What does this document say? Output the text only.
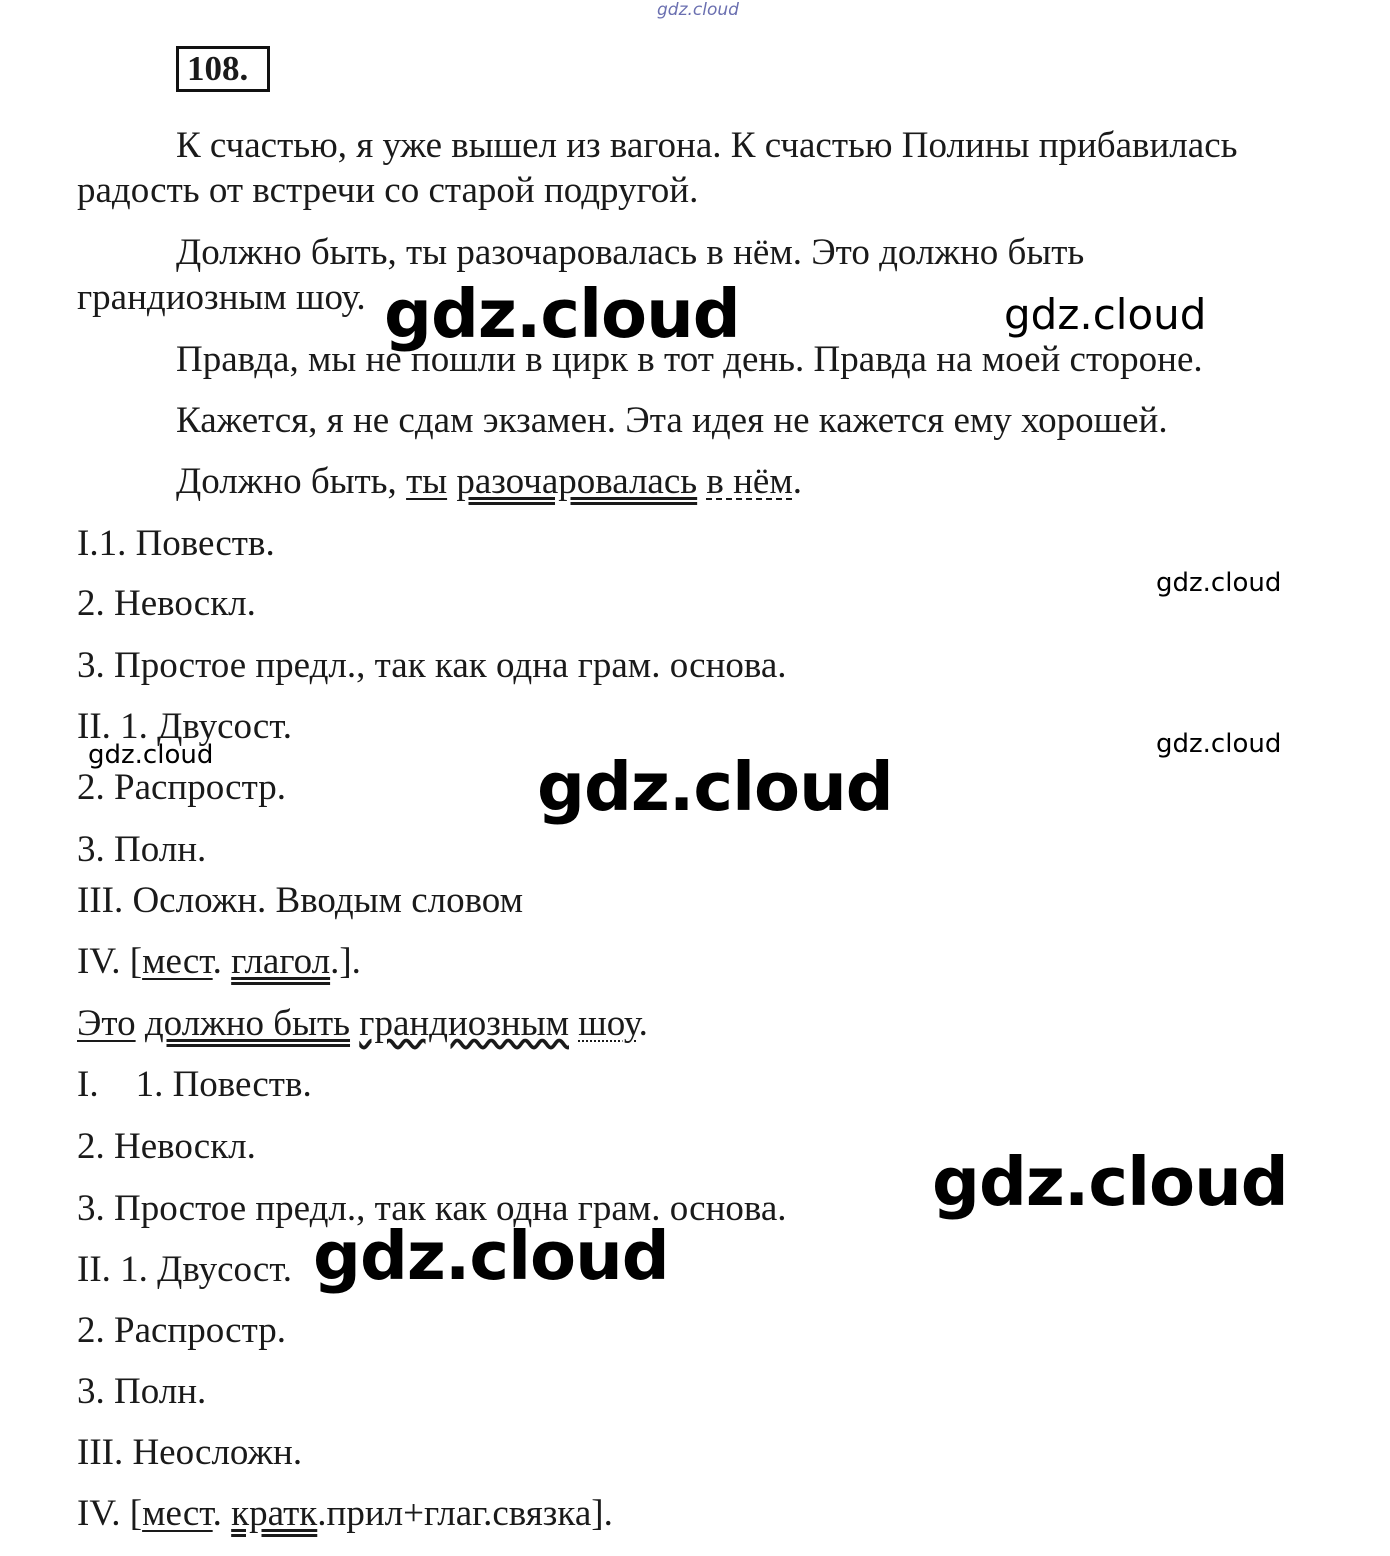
gdz.cloud
108.
К счастью, я уже вышел из вагона. К счастью Полины прибавилась
радость от встречи со старой подругой.
Должно быть, ты разочаровалась в нём. Это должно быть
грандиозным шоу.
Правда, мы не пошли в цирк в тот день. Правда на моей стороне.
Кажется, я не сдам экзамен. Эта идея не кажется ему хорошей.
Должно быть, ты разочаровалась в нём.
I.1. Повеств.
2. Невоскл.
3. Простое предл., так как одна грам. основа.
II. 1. Двусост.
2. Распростр.
3. Полн.
III. Осложн. Вводым словом
IV. [мест. глагол.].
Это должно быть грандиозным шоу.
I.    1. Повеств.
2. Невоскл.
3. Простое предл., так как одна грам. основа.
II. 1. Двусост.
2. Распростр.
3. Полн.
III. Неосложн.
IV. [мест. кратк.прил+глаг.связка].
gdz.cloud	gdz.cloud
gdz.cloud
gdz.cloud	gdz.cloud
gdz.cloud
gdz.cloud
gdz.cloud
